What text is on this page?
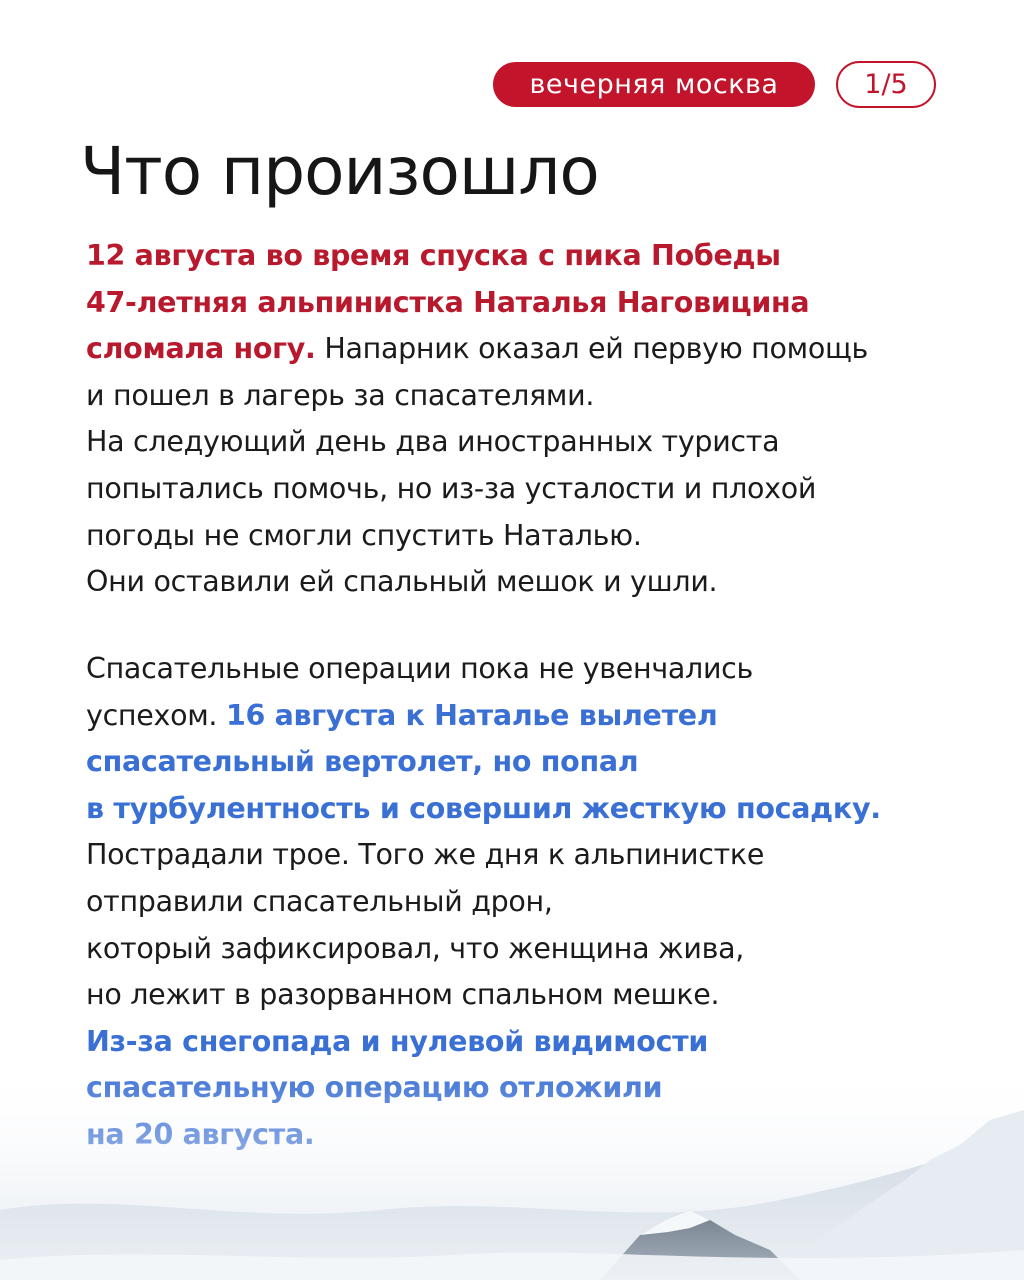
вечерняя москва	1/5
Что произошло
12 августа во время спуска с пика Победы
47-летняя альпинистка Наталья Наговицина
сломала ногу. Напарник оказал ей первую помощь
и пошел в лагерь за спасателями.
На следующий день два иностранных туриста
попытались помочь, но из-за усталости и плохой
погоды не смогли спустить Наталью.
Они оставили ей спальный мешок и ушли.
Спасательные операции пока не увенчались
успехом. 16 августа к Наталье вылетел
спасательный вертолет, но попал
в турбулентность и совершил жесткую посадку.
Пострадали трое. Того же дня к альпинистке
отправили спасательный дрон,
который зафиксировал, что женщина жива,
но лежит в разорванном спальном мешке.
Из-за снегопада и нулевой видимости
